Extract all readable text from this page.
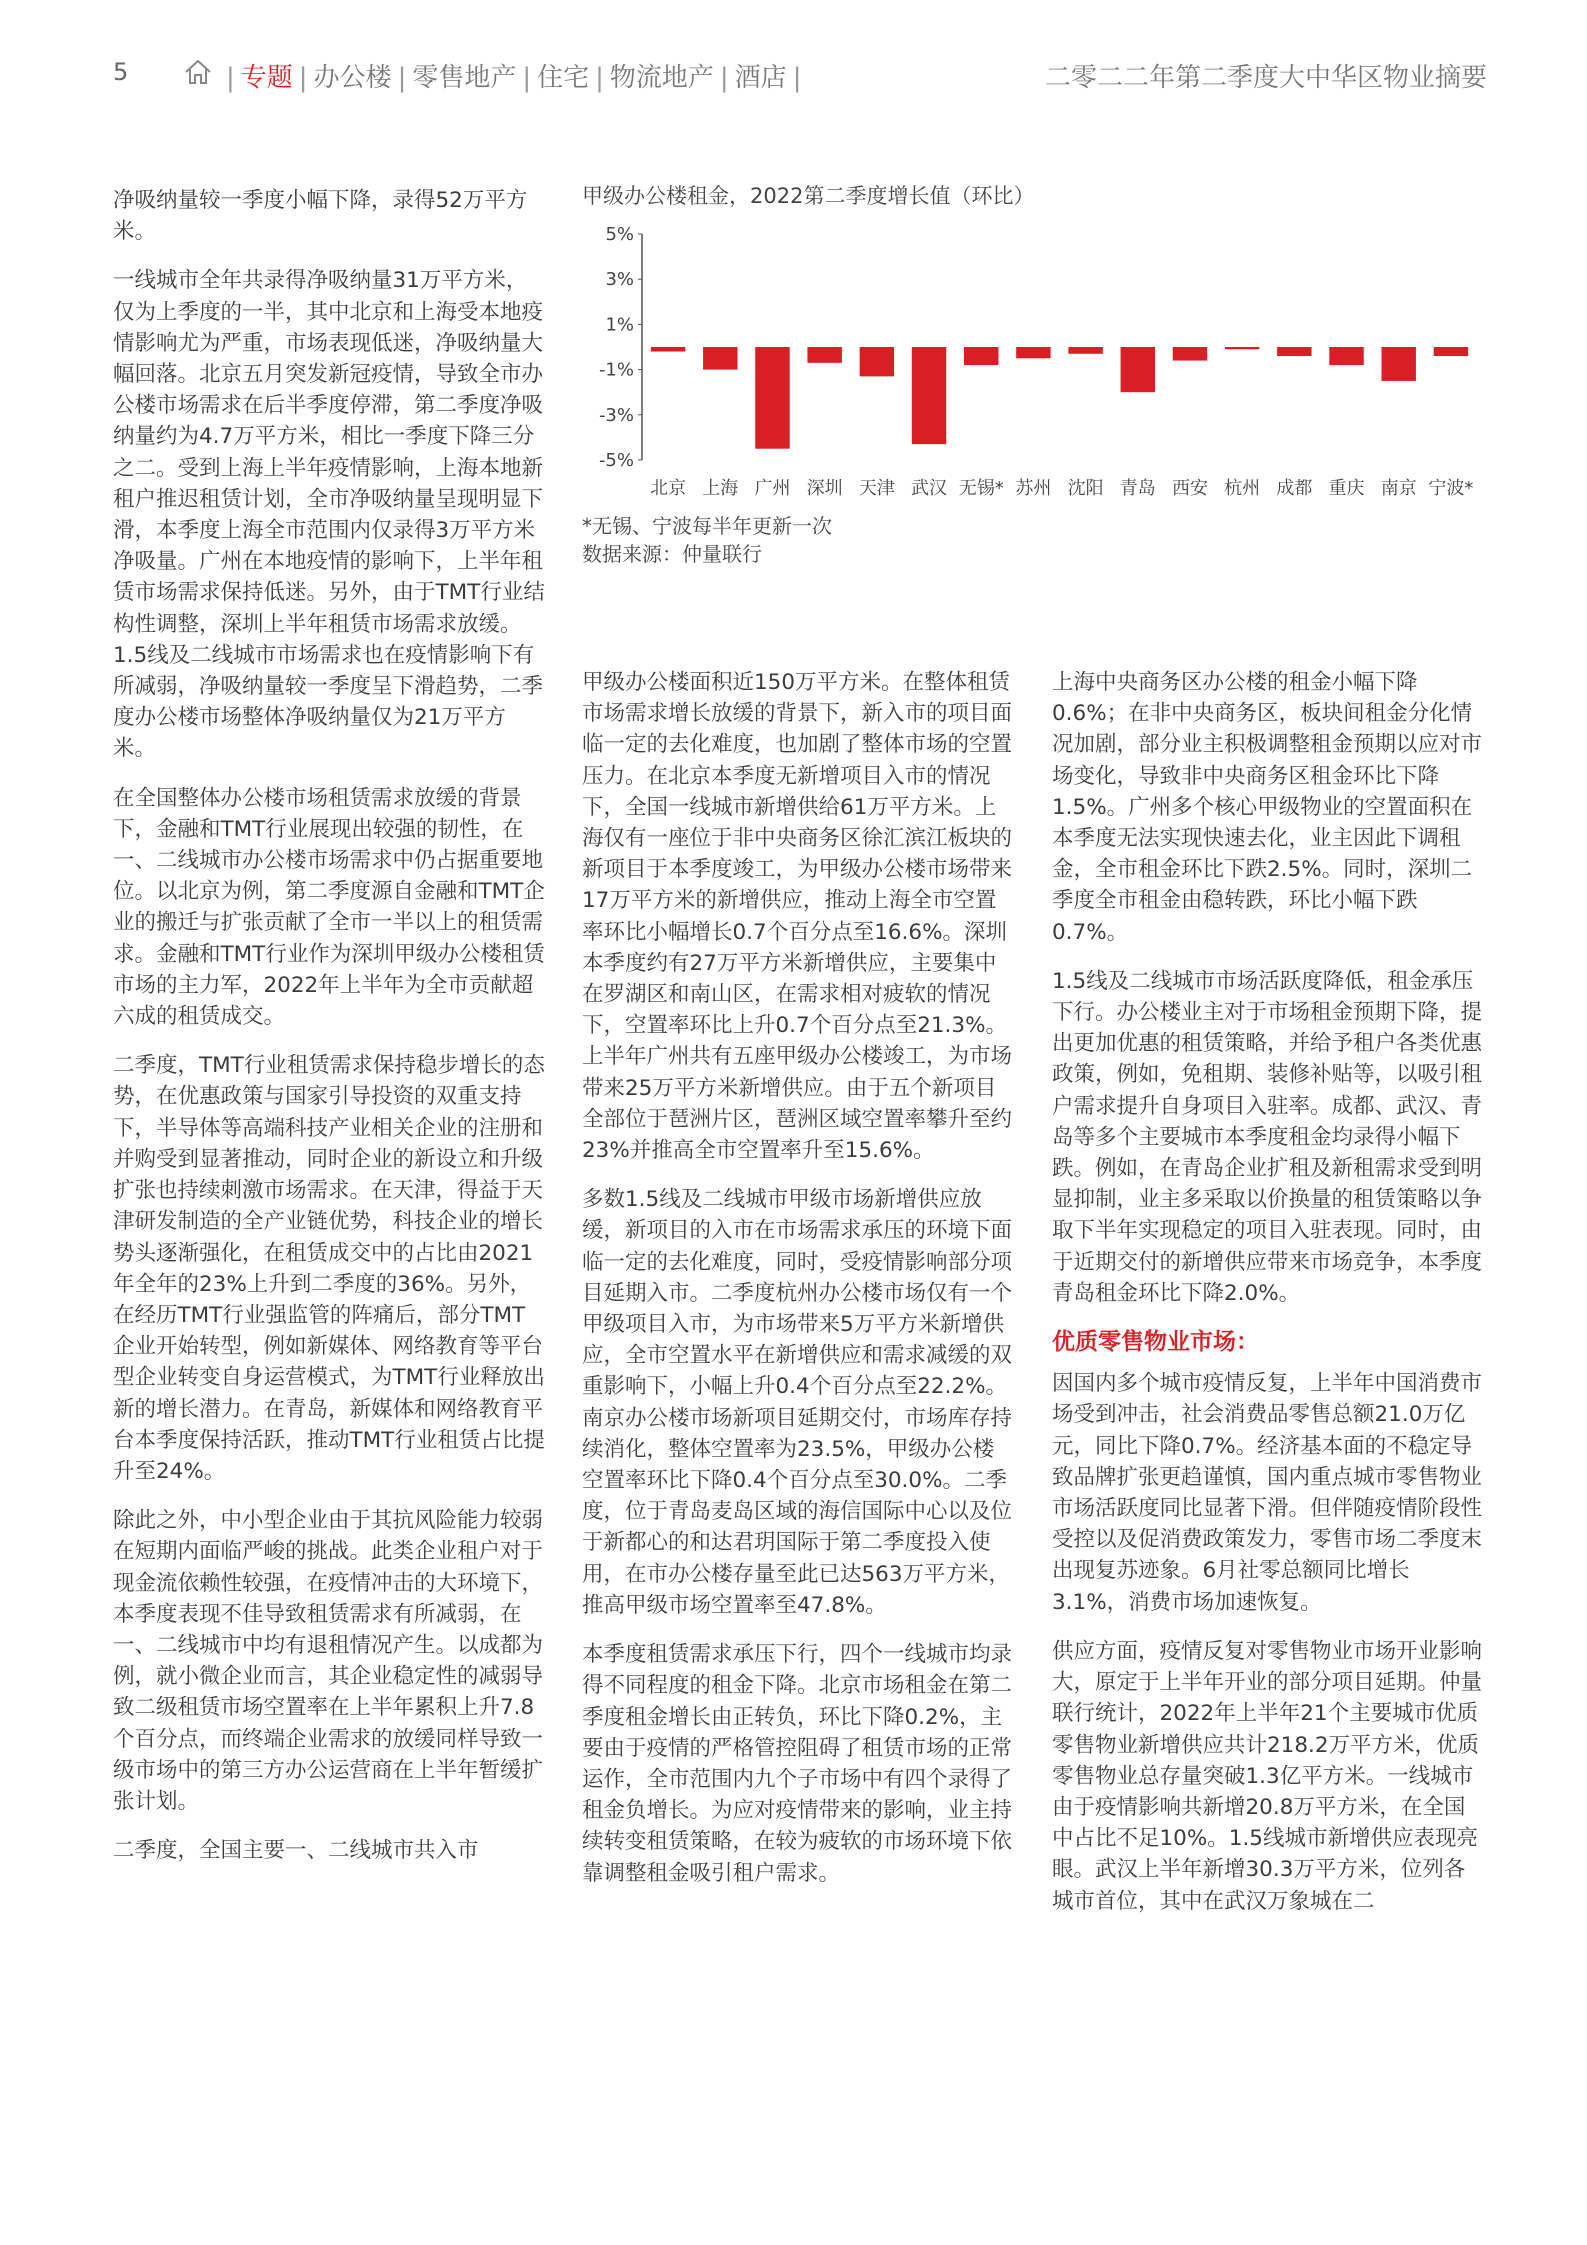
5	| 专题 | 办公楼 | 零售地产 | 住宅 | 物流地产 | 酒店 |	二零二二年第二季度大中华区物业摘要

净吸纳量较一季度小幅下降，录得52万平方米。

一线城市全年共录得净吸纳量31万平方米，仅为上季度的一半，其中北京和上海受本地疫情影响尤为严重，市场表现低迷，净吸纳量大幅回落。北京五月突发新冠疫情，导致全市办公楼市场需求在后半季度停滞，第二季度净吸纳量约为4.7万平方米，相比一季度下降三分之二。受到上海上半年疫情影响，上海本地新租户推迟租赁计划，全市净吸纳量呈现明显下滑，本季度上海全市范围内仅录得3万平方米净吸量。广州在本地疫情的影响下，上半年租赁市场需求保持低迷。另外，由于TMT行业结构性调整，深圳上半年租赁市场需求放缓。1.5线及二线城市市场需求也在疫情影响下有所减弱，净吸纳量较一季度呈下滑趋势，二季度办公楼市场整体净吸纳量仅为21万平方米。

在全国整体办公楼市场租赁需求放缓的背景下，金融和TMT行业展现出较强的韧性，在一、二线城市办公楼市场需求中仍占据重要地位。以北京为例，第二季度源自金融和TMT企业的搬迁与扩张贡献了全市一半以上的租赁需求。金融和TMT行业作为深圳甲级办公楼租赁市场的主力军，2022年上半年为全市贡献超六成的租赁成交。

二季度，TMT行业租赁需求保持稳步增长的态势，在优惠政策与国家引导投资的双重支持下，半导体等高端科技产业相关企业的注册和并购受到显著推动，同时企业的新设立和升级扩张也持续刺激市场需求。在天津，得益于天津研发制造的全产业链优势，科技企业的增长势头逐渐强化，在租赁成交中的占比由2021年全年的23%上升到二季度的36%。另外，在经历TMT行业强监管的阵痛后，部分TMT企业开始转型，例如新媒体、网络教育等平台型企业转变自身运营模式，为TMT行业释放出新的增长潜力。在青岛，新媒体和网络教育平台本季度保持活跃，推动TMT行业租赁占比提升至24%。

除此之外，中小型企业由于其抗风险能力较弱在短期内面临严峻的挑战。此类企业租户对于现金流依赖性较强，在疫情冲击的大环境下，本季度表现不佳导致租赁需求有所减弱，在一、二线城市中均有退租情况产生。以成都为例，就小微企业而言，其企业稳定性的减弱导致二级租赁市场空置率在上半年累积上升7.8个百分点，而终端企业需求的放缓同样导致一级市场中的第三方办公运营商在上半年暂缓扩张计划。

二季度，全国主要一、二线城市共入市

甲级办公楼租金，2022第二季度增长值（环比）
5%
3%
1%
-1%
-3%
-5%
北京 上海 广州 深圳 天津 武汉 无锡* 苏州 沈阳 青岛 西安 杭州 成都 重庆 南京 宁波*
*无锡、宁波每半年更新一次
数据来源：仲量联行

甲级办公楼面积近150万平方米。在整体租赁市场需求增长放缓的背景下，新入市的项目面临一定的去化难度，也加剧了整体市场的空置压力。在北京本季度无新增项目入市的情况下，全国一线城市新增供给61万平方米。上海仅有一座位于非中央商务区徐汇滨江板块的新项目于本季度竣工，为甲级办公楼市场带来17万平方米的新增供应，推动上海全市空置率环比小幅增长0.7个百分点至16.6%。深圳本季度约有27万平方米新增供应，主要集中在罗湖区和南山区，在需求相对疲软的情况下，空置率环比上升0.7个百分点至21.3%。上半年广州共有五座甲级办公楼竣工，为市场带来25万平方米新增供应。由于五个新项目全部位于琶洲片区，琶洲区域空置率攀升至约23%并推高全市空置率升至15.6%。

多数1.5线及二线城市甲级市场新增供应放缓，新项目的入市在市场需求承压的环境下面临一定的去化难度，同时，受疫情影响部分项目延期入市。二季度杭州办公楼市场仅有一个甲级项目入市，为市场带来5万平方米新增供应，全市空置水平在新增供应和需求减缓的双重影响下，小幅上升0.4个百分点至22.2%。南京办公楼市场新项目延期交付，市场库存持续消化，整体空置率为23.5%，甲级办公楼空置率环比下降0.4个百分点至30.0%。二季度，位于青岛麦岛区域的海信国际中心以及位于新都心的和达君玥国际于第二季度投入使用，在市办公楼存量至此已达563万平方米，推高甲级市场空置率至47.8%。

本季度租赁需求承压下行，四个一线城市均录得不同程度的租金下降。北京市场租金在第二季度租金增长由正转负，环比下降0.2%，主要由于疫情的严格管控阻碍了租赁市场的正常运作，全市范围内九个子市场中有四个录得了租金负增长。为应对疫情带来的影响，业主持续转变租赁策略，在较为疲软的市场环境下依靠调整租金吸引租户需求。

上海中央商务区办公楼的租金小幅下降0.6%；在非中央商务区，板块间租金分化情况加剧，部分业主积极调整租金预期以应对市场变化，导致非中央商务区租金环比下降1.5%。广州多个核心甲级物业的空置面积在本季度无法实现快速去化，业主因此下调租金，全市租金环比下跌2.5%。同时，深圳二季度全市租金由稳转跌，环比小幅下跌0.7%。

1.5线及二线城市市场活跃度降低，租金承压下行。办公楼业主对于市场租金预期下降，提出更加优惠的租赁策略，并给予租户各类优惠政策，例如，免租期、装修补贴等，以吸引租户需求提升自身项目入驻率。成都、武汉、青岛等多个主要城市本季度租金均录得小幅下跌。例如，在青岛企业扩租及新租需求受到明显抑制，业主多采取以价换量的租赁策略以争取下半年实现稳定的项目入驻表现。同时，由于近期交付的新增供应带来市场竞争，本季度青岛租金环比下降2.0%。

优质零售物业市场：

因国内多个城市疫情反复，上半年中国消费市场受到冲击，社会消费品零售总额21.0万亿元，同比下降0.7%。经济基本面的不稳定导致品牌扩张更趋谨慎，国内重点城市零售物业市场活跃度同比显著下滑。但伴随疫情阶段性受控以及促消费政策发力，零售市场二季度末出现复苏迹象。6月社零总额同比增长3.1%，消费市场加速恢复。

供应方面，疫情反复对零售物业市场开业影响大，原定于上半年开业的部分项目延期。仲量联行统计，2022年上半年21个主要城市优质零售物业新增供应共计218.2万平方米，优质零售物业总存量突破1.3亿平方米。一线城市由于疫情影响共新增20.8万平方米，在全国中占比不足10%。1.5线城市新增供应表现亮眼。武汉上半年新增30.3万平方米，位列各城市首位，其中在武汉万象城在二
